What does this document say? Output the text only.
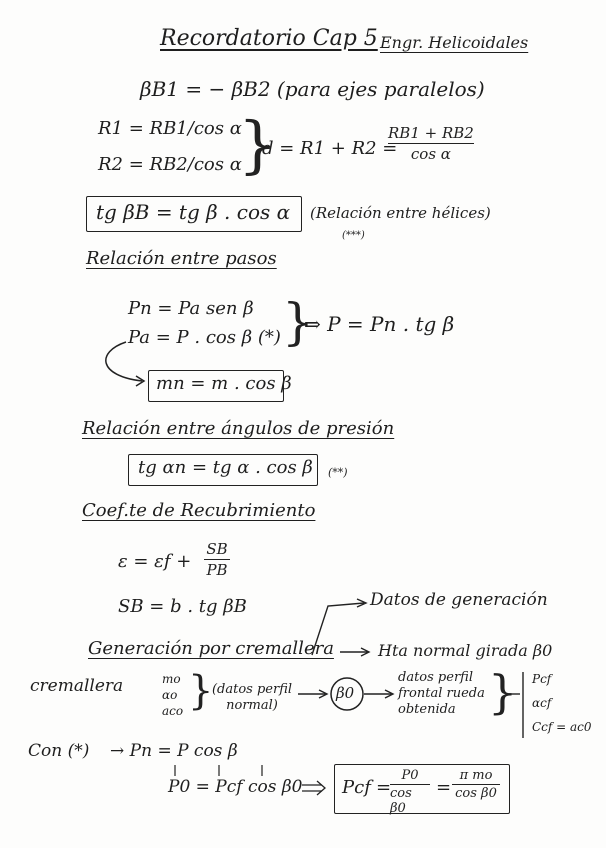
Recordatorio Cap 5 Engr. Helicoidales
βB1 = − βB2 (para ejes paralelos)
R1 = RB1/cos α
R2 = RB2/cos α
}
d = R1 + R2 =
RB1 + RB2
cos α
tg βB = tg β . cos α (Relación entre hélices)
(***)
Relación entre pasos
Pn = Pa sen β
Pa = P . cos β (*) }
⇒ P = Pn . tg β
mn = m . cos β
Relación entre ángulos de presión
tg αn = tg α . cos β (**)
Coef.te de Recubrimiento
ε = εf +
SB
PB
SB = b . tg βB	Datos de generación
Generación por cremallera	Hta normal girada β0
cremallera	mo
αo
aco }
(datos perfil normal)
β0
datos perfil frontal rueda obtenida } Pcf
αcf
Ccf = ac0
Con (*) → Pn = P cos β
P0 = Pcf cos β0 Pcf =
P0
cos β0
=
π mo
cos β0
